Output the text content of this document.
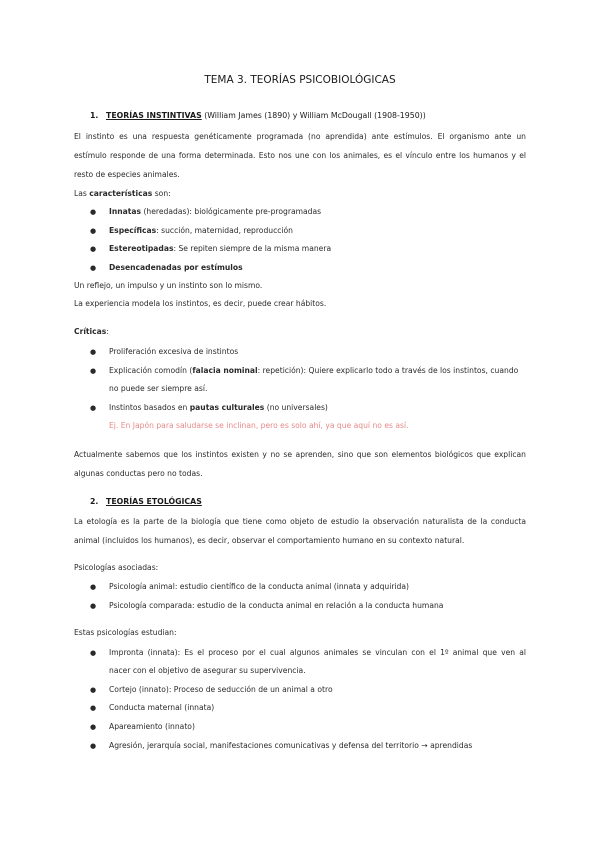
TEMA 3. TEORÍAS PSICOBIOLÓGICAS
1. TEORÍAS INSTINTIVAS (William James (1890) y William McDougall (1908-1950))
El instinto es una respuesta genéticamente programada (no aprendida) ante estímulos. El organismo ante un
estímulo responde de una forma determinada. Esto nos une con los animales, es el vínculo entre los humanos y el
resto de especies animales.
Las características son:
● Innatas (heredadas): biológicamente pre-programadas
● Específicas: succión, maternidad, reproducción
● Estereotipadas: Se repiten siempre de la misma manera
● Desencadenadas por estímulos
Un reflejo, un impulso y un instinto son lo mismo.
La experiencia modela los instintos, es decir, puede crear hábitos.
Críticas:
● Proliferación excesiva de instintos
● Explicación comodín (falacia nominal: repetición): Quiere explicarlo todo a través de los instintos, cuando
no puede ser siempre así.
● Instintos basados en pautas culturales (no universales)
Ej. En Japón para saludarse se inclinan, pero es solo ahí, ya que aquí no es así.
Actualmente sabemos que los instintos existen y no se aprenden, sino que son elementos biológicos que explican
algunas conductas pero no todas.
2. TEORÍAS ETOLÓGICAS
La etología es la parte de la biología que tiene como objeto de estudio la observación naturalista de la conducta
animal (incluidos los humanos), es decir, observar el comportamiento humano en su contexto natural.
Psicologías asociadas:
● Psicología animal: estudio científico de la conducta animal (innata y adquirida)
● Psicología comparada: estudio de la conducta animal en relación a la conducta humana
Estas psicologías estudian:
● Impronta (innata): Es el proceso por el cual algunos animales se vinculan con el 1º animal que ven al
nacer con el objetivo de asegurar su supervivencia.
● Cortejo (innato): Proceso de seducción de un animal a otro
● Conducta maternal (innata)
● Apareamiento (innato)
● Agresión, jerarquía social, manifestaciones comunicativas y defensa del territorio → aprendidas
